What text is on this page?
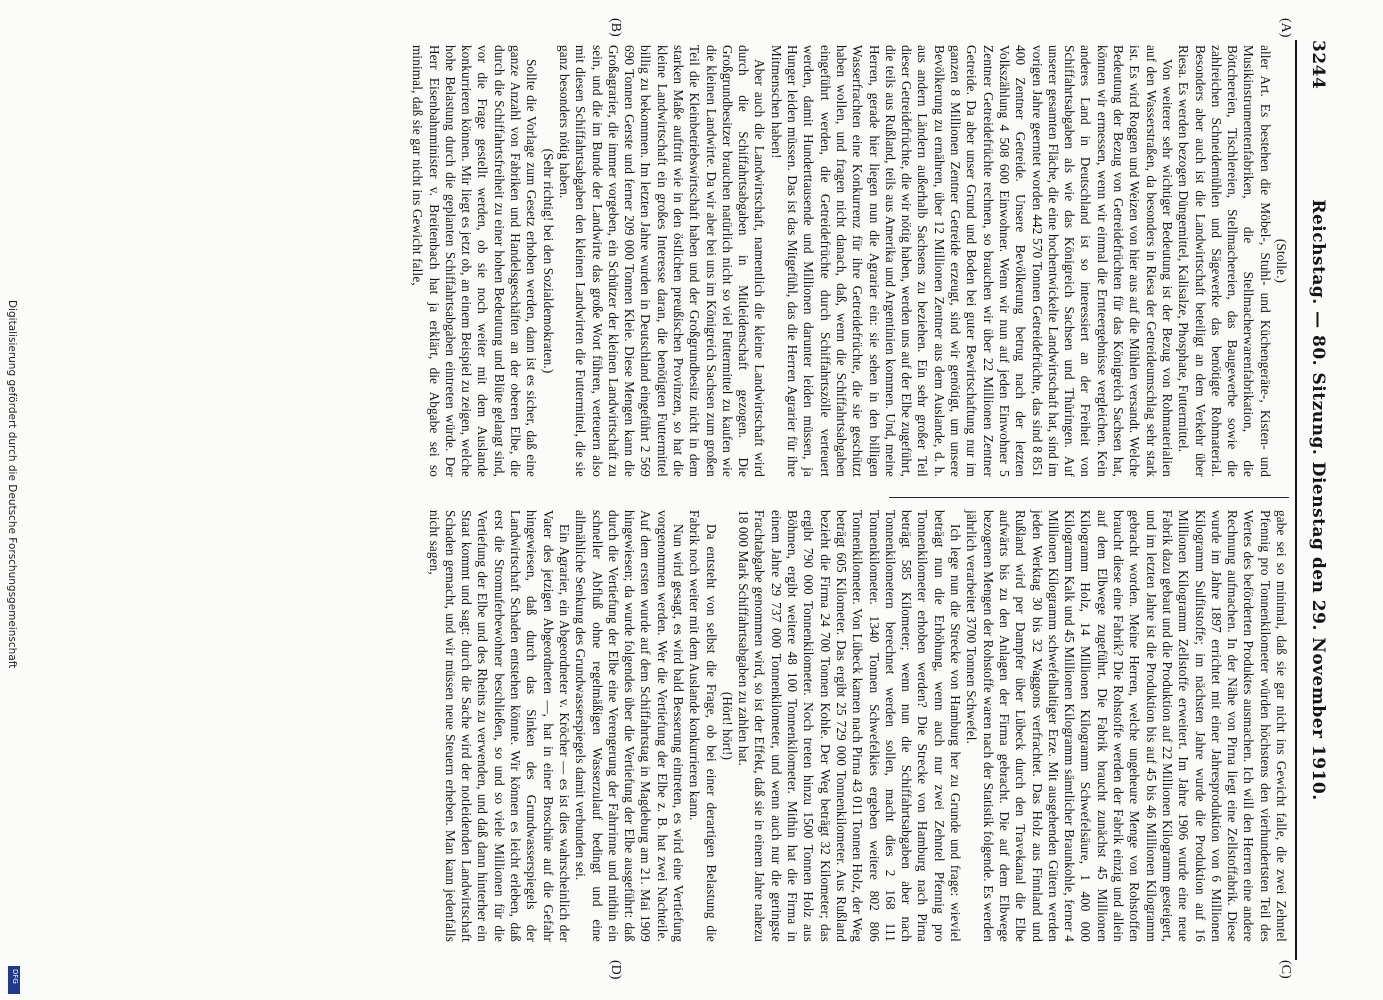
Digitalisierung gefördert durch die Deutsche Forschungsgemeinschaft
DFG
3244
Reichstag. — 80. Sitzung. Dienstag den 29. November 1910.
(A)
(B)
(C)
(D)

(Stolle.)

aller Art. Es bestehen die Möbel-, Stuhl- und Küchengeräte-, Kisten- und Musikinstrumentenfabriken, die Stellmacherwarenfabrikation, die Böttchereien, Tischlereien, Stellmachereien, das Baugewerbe sowie die zahlreichen Schneidemühlen und Sägewerke das benötigte Rohmaterial. Besonders aber auch ist die Landwirtschaft beteiligt an dem Verkehr über Riesa. Es werden bezogen Düngemittel, Kalisalze, Phosphate, Futtermittel.

Von weiterer sehr wichtiger Bedeutung ist der Bezug von Rohmaterialien auf den Wasserstraßen, da besonders in Riesa der Getreideumschlag sehr stark ist. Es wird Roggen und Weizen von hier aus auf die Mühlen versandt. Welche Bedeutung der Bezug von Getreidefrüchten für das Königreich Sachsen hat, können wir ermessen, wenn wir einmal die Ernteergebnisse vergleichen. Kein anderes Land in Deutschland ist so interessiert an der Freiheit von Schiffahrtsabgaben als wie das Königreich Sachsen und Thüringen. Auf unserer gesamten Fläche, die eine hochentwickelte Landwirtschaft hat, sind im vorigen Jahre geerntet worden 442 570 Tonnen Getreidefrüchte, das sind 8 851 400 Zentner Getreide. Unsere Bevölkerung betrug nach der letzten Volkszählung 4 508 600 Einwohner. Wenn wir nun auf jeden Einwohner 5 Zentner Getreidefrüchte rechnen, so brauchen wir über 22 Millionen Zentner Getreide. Da aber unser Grund und Boden bei guter Bewirtschaftung nur im ganzen 8 Millionen Zentner Getreide erzeugt, sind wir genötigt, um unsere Bevölkerung zu ernähren, über 12 Millionen Zentner aus dem Auslande, d. h. aus andern Ländern außerhalb Sachsens zu beziehen. Ein sehr großer Teil dieser Getreidefrüchte, die wir nötig haben, werden uns auf der Elbe zugeführt, die teils aus Rußland, teils aus Amerika und Argentinien kommen. Und, meine Herren, gerade hier liegen nun die Agrarier ein: sie sehen in den billigen Wasserfrachten eine Konkurrenz für ihre Getreidefrüchte, die sie geschützt haben wollen, und fragen nicht danach, daß, wenn die Schiffahrtsabgaben eingeführt werden, die Getreidefrüchte durch Schiffahrtszölle verteuert werden, damit Hunderttausende und Millionen darunter leiden müssen, ja Hunger leiden müssen. Das ist das Mitgefühl, das die Herren Agrarier für ihre Mitmenschen haben!

Aber auch die Landwirtschaft, namentlich die kleine Landwirtschaft wird durch die Schiffahrtsabgaben in Mitleidenschaft gezogen. Die Großgrundbesitzer brauchen natürlich nicht so viel Futtermittel zu kaufen wie die kleinen Landwirte. Da wir aber bei uns im Königreich Sachsen zum großen Teil die Kleinbetriebswirtschaft haben und der Großgrundbesitz nicht in dem starken Maße auftritt wie in den östlichen preußischen Provinzen, so hat die kleine Landwirtschaft ein großes Interesse daran, die benötigten Futtermittel billig zu bekommen. Im letzten Jahre wurden in Deutschland eingeführt 2 569 690 Tonnen Gerste und ferner 209 000 Tonnen Kleie. Diese Mengen kann die Großagrarier, die immer vorgeben, ein Schützer der kleinen Landwirtschaft zu sein, und die im Bunde der Landwirte das große Wort führen, verteuern also mit diesen Schiffahrtsabgaben den kleinen Landwirten die Futtermittel, die sie ganz besonders nötig haben.

(Sehr richtig! bei den Sozialdemokraten.)

Sollte die Vorlage zum Gesetz erhoben werden, dann ist es sicher, daß eine ganze Anzahl von Fabriken und Handelsgeschäften an der oberen Elbe, die durch die Schiffahrtsfreiheit zu einer hohen Bedeutung und Blüte gelangt sind, vor die Frage gestellt werden, ob sie noch weiter mit dem Auslande konkurrieren können. Mir liegt es jetzt ob, an einem Beispiel zu zeigen, welche hohe Belastung durch die geplanten Schiffahrtsabgaben eintreten würde. Der Herr Eisenbahnminister v. Breitenbach hat ja erklärt, die Abgabe sei so minimal, daß sie gar nicht ins Gewicht falle,

gabe sei so minimal, daß sie gar nicht ins Gewicht falle, die zwei Zehntel Pfennig pro Tonnenkilometer würden höchstens den vierhundertsten Teil des Wertes des beförderten Produktes ausmachen. Ich will den Herren eine andere Rechnung aufmachen. In der Nähe von Pirna liegt eine Zellstoffabrik. Diese wurde im Jahre 1897 errichtet mit einer Jahresproduktion von 6 Millionen Kilogramm Sulfitstoffe; im nächsten Jahre wurde die Produktion auf 16 Millionen Kilogramm Zellstoffe erweitert. Im Jahre 1906 wurde eine neue Fabrik dazu gebaut und die Produktion auf 22 Millionen Kilogramm gesteigert, und im letzten Jahre ist die Produktion bis auf 45 bis 46 Millionen Kilogramm gebracht worden. Meine Herren, welche ungeheure Menge von Rohstoffen braucht diese eine Fabrik? Die Rohstoffe werden der Fabrik einzig und allein auf dem Elbwege zugeführt. Die Fabrik braucht zunächst 45 Millionen Kilogramm Holz, 14 Millionen Kilogramm Schwefelsäure, 1 400 000 Kilogramm Kalk und 45 Millionen Kilogramm sämtlicher Braunkohle, ferner 4 Millionen Kilogramm schwefelhaltiger Erze. Mit ausgehenden Gütern werden jeden Werktag 30 bis 32 Waggons verfrachtet. Das Holz aus Finnland und Rußland wird per Dampfer über Lübeck durch den Travekanal die Elbe aufwärts bis zu den Anlagen der Firma gebracht. Die auf dem Elbwege bezogenen Mengen der Rohstoffe waren nach der Statistik folgende. Es werden jährlich verarbeitet 3700 Tonnen Schwefel.

Ich lege nun die Strecke von Hamburg her zu Grunde und frage: wieviel beträgt nun die Erhöhung, wenn auch nur zwei Zehntel Pfennig pro Tonnenkilometer erhoben werden? Die Strecke von Hamburg nach Pirna beträgt 585 Kilometer; wenn nun die Schiffahrtsabgaben aber nach Tonnenkilometern berechnet werden sollen, macht dies 2 168 111 Tonnenkilometer. 1340 Tonnen Schwefelkies ergeben weitere 802 806 Tonnenkilometer. Von Lübeck kamen nach Pirna 43 011 Tonnen Holz, der Weg beträgt 605 Kilometer. Das ergibt 25 729 000 Tonnenkilometer. Aus Rußland bezieht die Firma 24 700 Tonnen Kohle. Der Weg beträgt 32 Kilometer; das ergibt 790 000 Tonnenkilometer. Noch treten hinzu 1500 Tonnen Holz aus Böhmen, ergibt weitere 48 100 Tonnenkilometer. Mithin hat die Firma in einem Jahre 29 737 000 Tonnenkilometer, und wenn auch nur die geringste Frachtabgabe genommen wird, so ist der Effekt, daß sie in einem Jahre nahezu 18 000 Mark Schiffahrtsabgaben zu zahlen hat.

(Hört! hört!)

Da entsteht von selbst die Frage, ob bei einer derartigen Belastung die Fabrik noch weiter mit dem Auslande konkurrieren kann.

Nun wird gesagt, es wird bald Besserung eintreten, es wird eine Vertiefung vorgenommen werden. Wer die Vertiefung der Elbe z. B. hat zwei Nachteile. Auf dem ersten wurde auf dem Schiffahrtstag in Magdeburg am 21. Mai 1909 hingewiesen; da wurde folgendes über die Vertiefung der Elbe ausgeführt: daß durch die Vertiefung der Elbe eine Verengerung der Fahrrinne und mithin ein schneller Abfluß ohne regelmäßigen Wasserzulauf bedingt und eine allmähliche Senkung des Grundwasserspiegels damit verbunden sei.

Ein Agrarier, ein Abgeordneter v. Kröcher — es ist dies wahrscheinlich der Vater des jetzigen Abgeordneten —, hat in einer Broschüre auf die Gefahr hingewiesen, daß durch das Sinken des Grundwasserspiegels der Landwirtschaft Schaden entstehen könnte. Wir können es leicht erleben, daß erst die Stromuferbewohner beschließen, so und so viele Millionen für die Vertiefung der Elbe und des Rheins zu verwenden, und daß dann hinterher ein Staat kommt und sagt: durch die Sache wird der notleidenden Landwirtschaft Schaden gemacht, und wir müssen neue Steuern erheben. Man kann jedenfalls nicht sagen,
